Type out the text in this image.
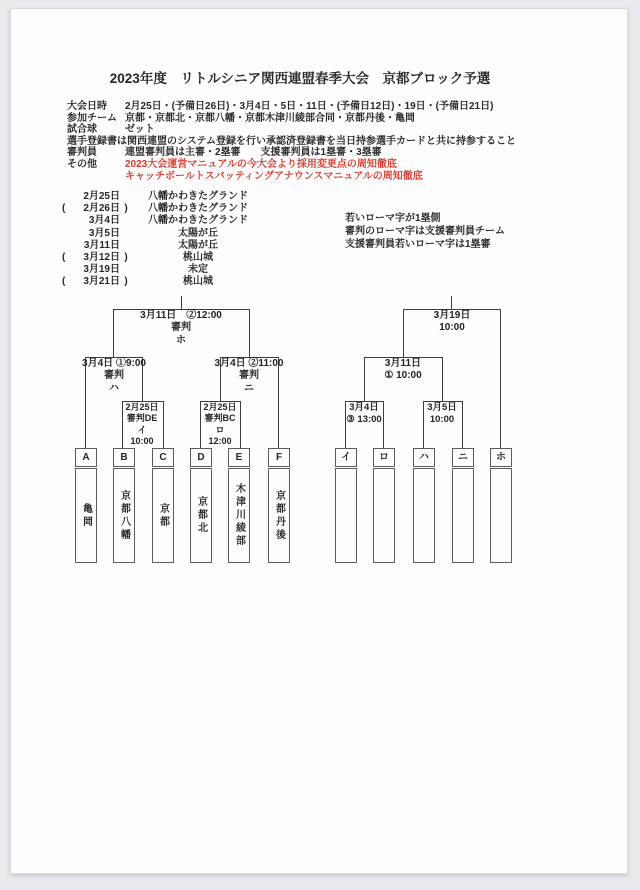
2023年度　リトルシニア関西連盟春季大会　京都ブロック予選
大会日時	2月25日・(予備日26日)・3月4日・5日・11日・(予備日12日)・19日・(予備日21日)
参加チーム 京都・京都北・京都八幡・京都木津川綾部合同・京都丹後・亀岡
試合球	ゼット
選手登録書は関西連盟のシステム登録を行い承認済登録書を当日持参選手カードと共に持参すること
審判員	連盟審判員は主審・2塁審　　支援審判員は1塁審・3塁審
その他	2023大会運営マニュアルの今大会より採用変更点の周知徹底
キャッチボールトスバッティングアナウンスマニュアルの周知徹底
2月25日	八幡かわきたグランド
(	2月26日 )	八幡かわきたグランド
3月4日	八幡かわきたグランド
3月5日	太陽が丘
3月11日	太陽が丘
(	3月12日 )	桃山城
3月19日	未定
(	3月21日 )	桃山城
若いローマ字が1塁側
審判のローマ字は支援審判員チーム
支援審判員若いローマ字は1塁審
3月11日　②12:00
審判
ホ
3月4日 ①9:00
審判
ハ
3月4日 ②11:00
審判
ニ
2月25日
審判DE
イ
10:00
2月25日
審判BC
ロ
12:00
3月19日
10:00
3月11日
① 10:00
3月4日
③ 13:00
3月5日
10:00
A
亀岡
B
京都八幡
C
京都
D
京都北
E
木津川綾部
F
京都丹後
イ	ロ	ハ	ニ	ホ
